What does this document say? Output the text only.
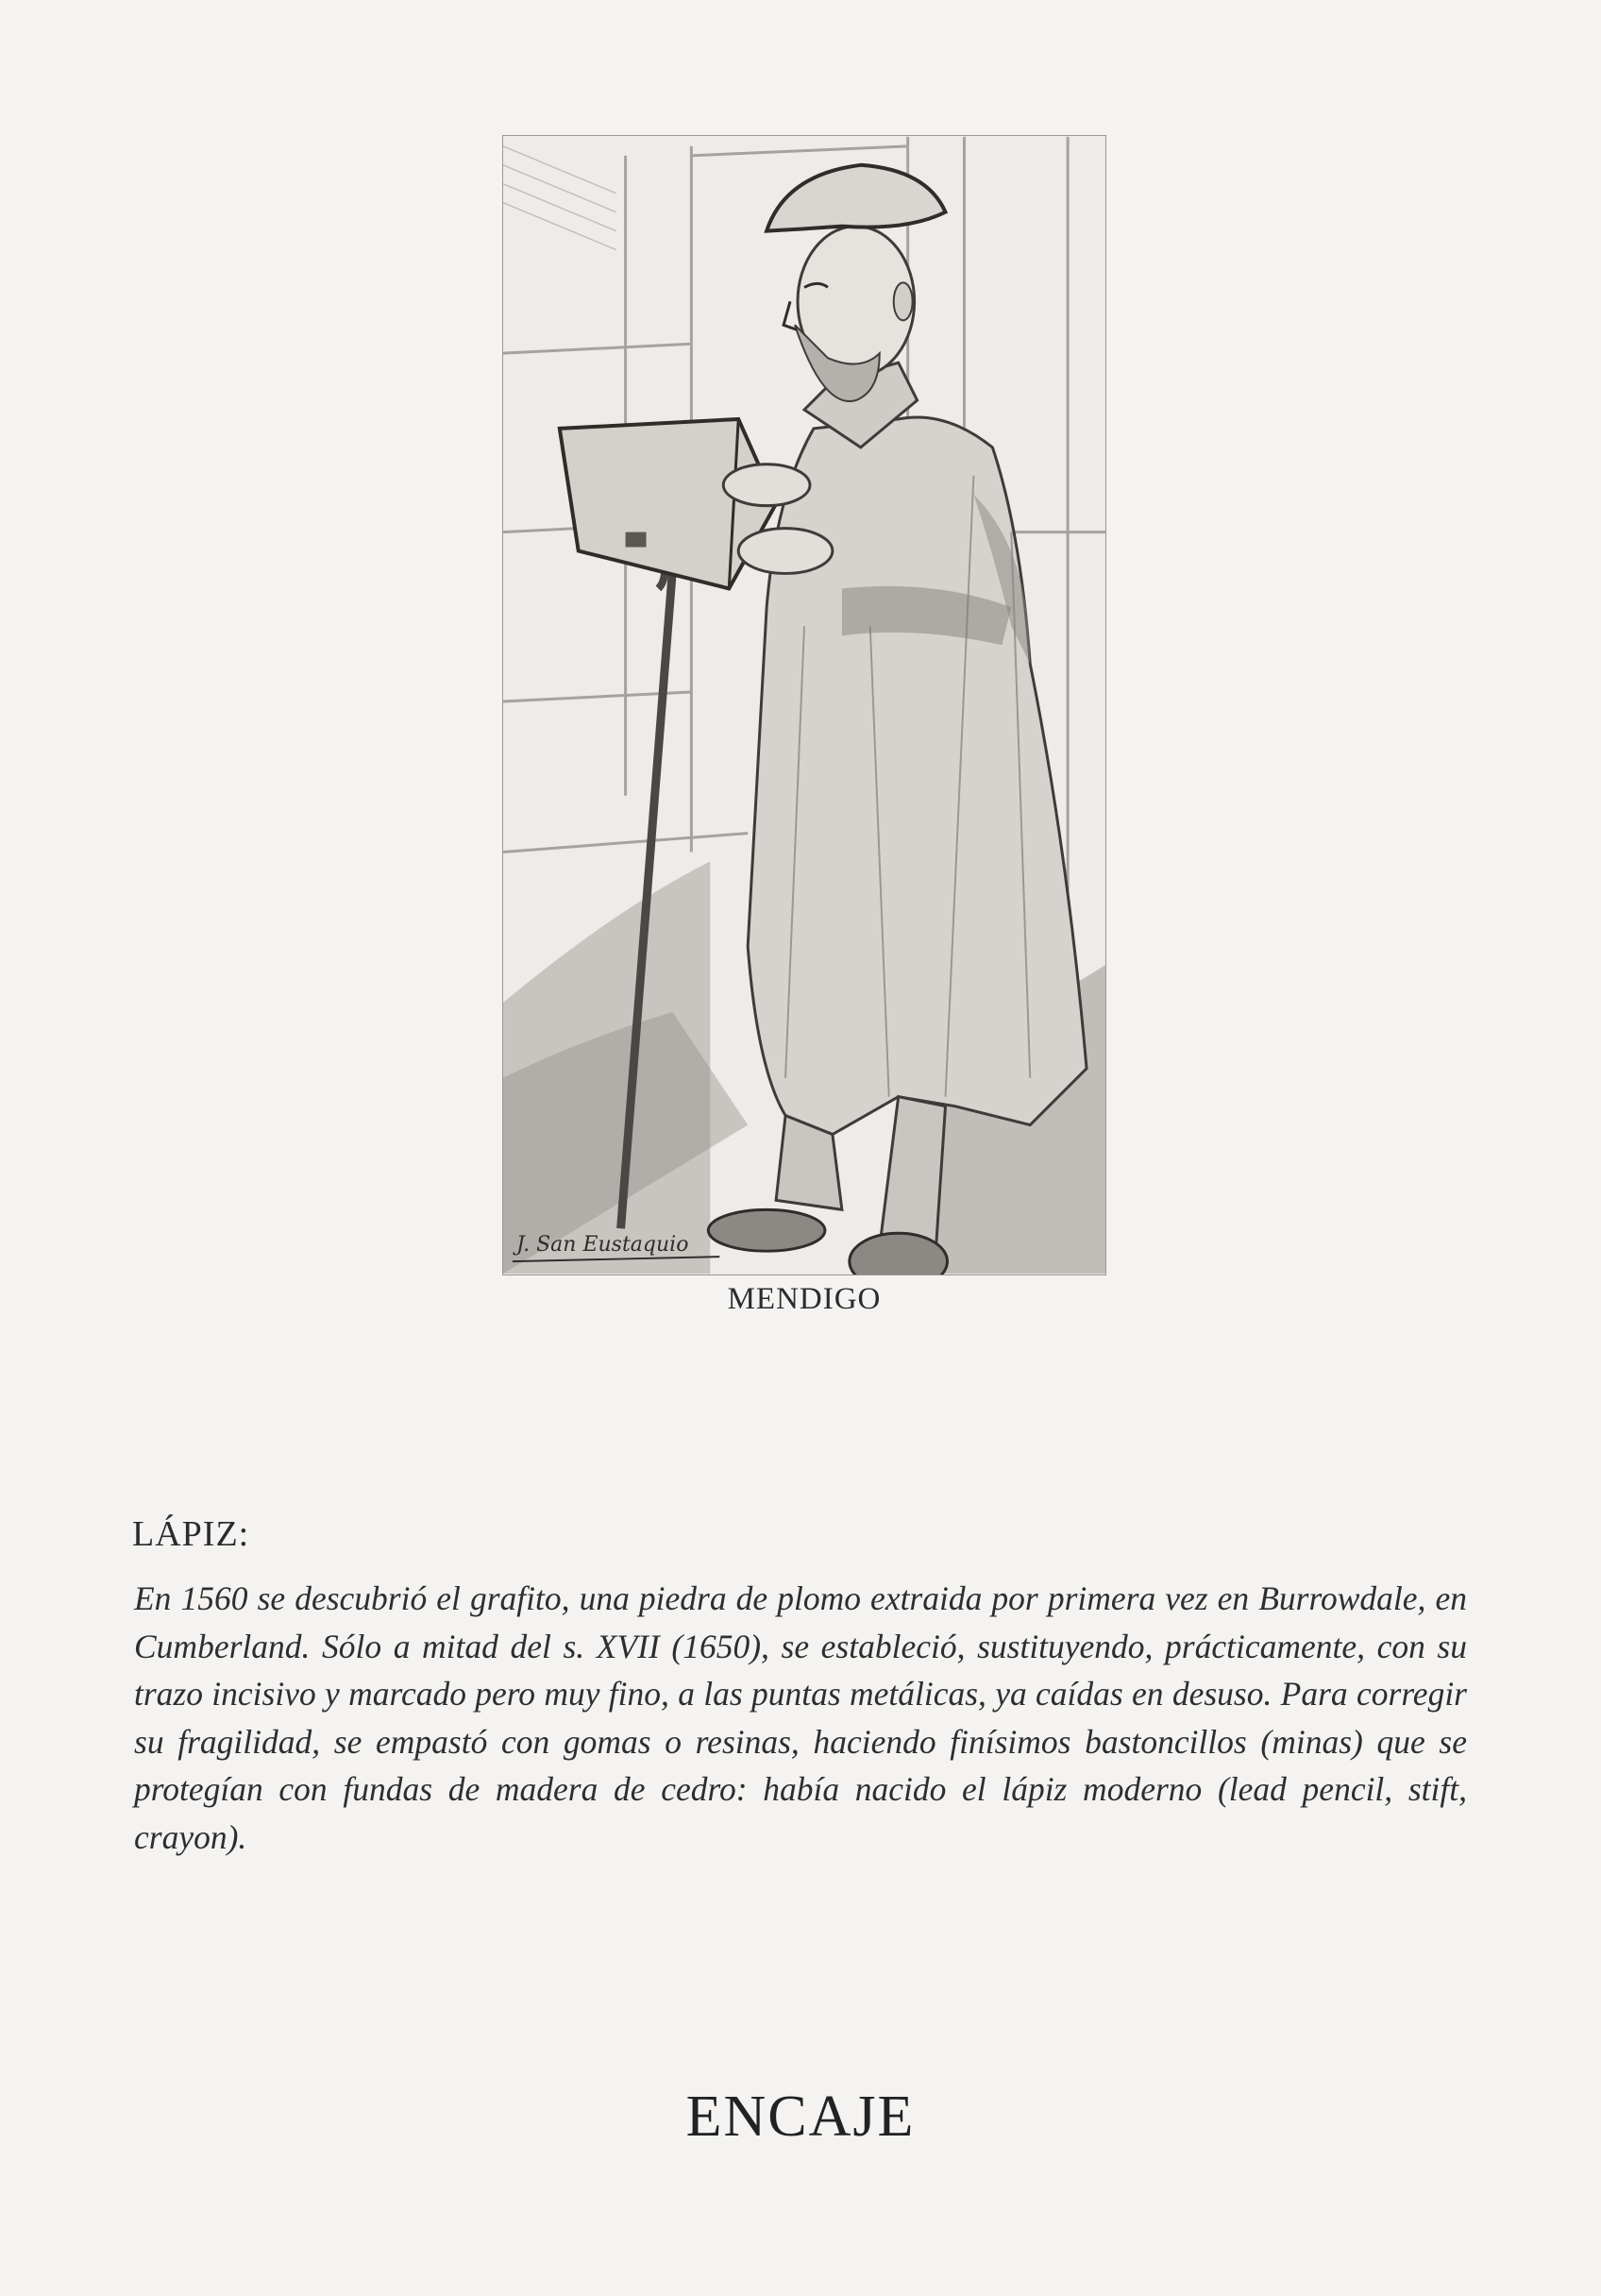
J. San Eustaquio
MENDIGO
LÁPIZ:
En 1560 se descubrió el grafito, una piedra de plomo extraida por primera vez en Burrowdale, en Cumberland. Sólo a mitad del s. XVII (1650), se estableció, sustituyendo, prácticamente, con su trazo incisivo y marcado pero muy fino, a las puntas metálicas, ya caídas en desuso. Para corregir su fragilidad, se empastó con gomas o resinas, haciendo finísimos bastoncillos (minas) que se protegían con fundas de madera de cedro: había nacido el lápiz moderno (lead pencil, stift, crayon).
ENCAJE
